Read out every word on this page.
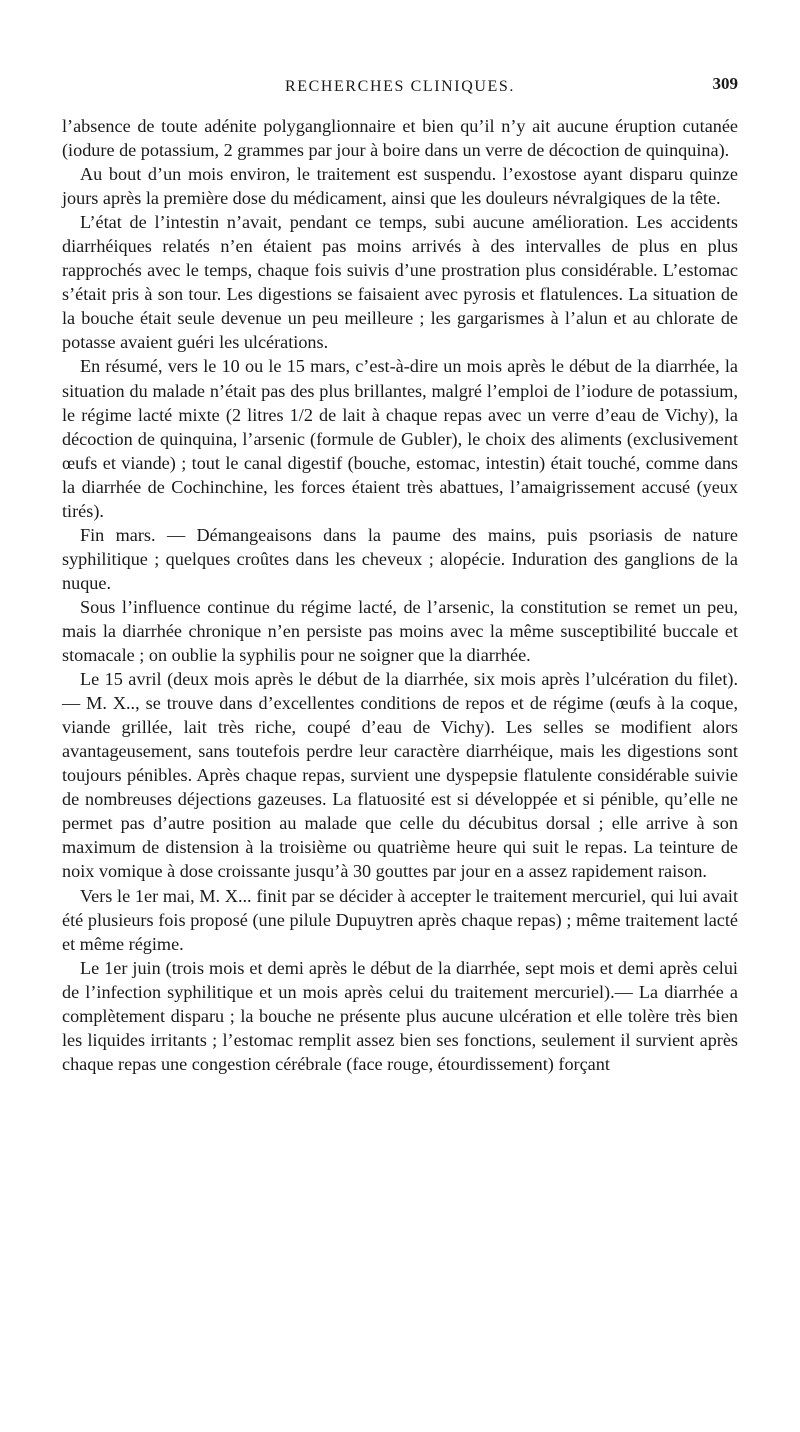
RECHERCHES CLINIQUES.	309

l’absence de toute adénite polyganglionnaire et bien qu’il n’y ait aucune éruption cutanée (iodure de potassium, 2 grammes par jour à boire dans un verre de décoction de quinquina).

Au bout d’un mois environ, le traitement est suspendu. l’exostose ayant disparu quinze jours après la première dose du médicament, ainsi que les douleurs névralgiques de la tête.

L’état de l’intestin n’avait, pendant ce temps, subi aucune amélioration. Les accidents diarrhéiques relatés n’en étaient pas moins arrivés à des intervalles de plus en plus rapprochés avec le temps, chaque fois suivis d’une prostration plus considérable. L’estomac s’était pris à son tour. Les digestions se faisaient avec pyrosis et flatulences. La situation de la bouche était seule devenue un peu meilleure ; les gargarismes à l’alun et au chlorate de potasse avaient guéri les ulcérations.

En résumé, vers le 10 ou le 15 mars, c’est-à-dire un mois après le début de la diarrhée, la situation du malade n’était pas des plus brillantes, malgré l’emploi de l’iodure de potassium, le régime lacté mixte (2 litres 1/2 de lait à chaque repas avec un verre d’eau de Vichy), la décoction de quinquina, l’arsenic (formule de Gubler), le choix des aliments (exclusivement œufs et viande) ; tout le canal digestif (bouche, estomac, intestin) était touché, comme dans la diarrhée de Cochinchine, les forces étaient très abattues, l’amaigrissement accusé (yeux tirés).

Fin mars. — Démangeaisons dans la paume des mains, puis psoriasis de nature syphilitique ; quelques croûtes dans les cheveux ; alopécie. Induration des ganglions de la nuque.

Sous l’influence continue du régime lacté, de l’arsenic, la constitution se remet un peu, mais la diarrhée chronique n’en persiste pas moins avec la même susceptibilité buccale et stomacale ; on oublie la syphilis pour ne soigner que la diarrhée.

Le 15 avril (deux mois après le début de la diarrhée, six mois après l’ulcération du filet).— M. X.., se trouve dans d’excellentes conditions de repos et de régime (œufs à la coque, viande grillée, lait très riche, coupé d’eau de Vichy). Les selles se modifient alors avantageusement, sans toutefois perdre leur caractère diarrhéique, mais les digestions sont toujours pénibles. Après chaque repas, survient une dyspepsie flatulente considérable suivie de nombreuses déjections gazeuses. La flatuosité est si développée et si pénible, qu’elle ne permet pas d’autre position au malade que celle du décubitus dorsal ; elle arrive à son maximum de distension à la troisième ou quatrième heure qui suit le repas. La teinture de noix vomique à dose croissante jusqu’à 30 gouttes par jour en a assez rapidement raison.

Vers le 1er mai, M. X... finit par se décider à accepter le traitement mercuriel, qui lui avait été plusieurs fois proposé (une pilule Dupuytren après chaque repas) ; même traitement lacté et même régime.

Le 1er juin (trois mois et demi après le début de la diarrhée, sept mois et demi après celui de l’infection syphilitique et un mois après celui du traitement mercuriel).— La diarrhée a complètement disparu ; la bouche ne présente plus aucune ulcération et elle tolère très bien les liquides irritants ; l’estomac remplit assez bien ses fonctions, seulement il survient après chaque repas une congestion cérébrale (face rouge, étourdissement) forçant
